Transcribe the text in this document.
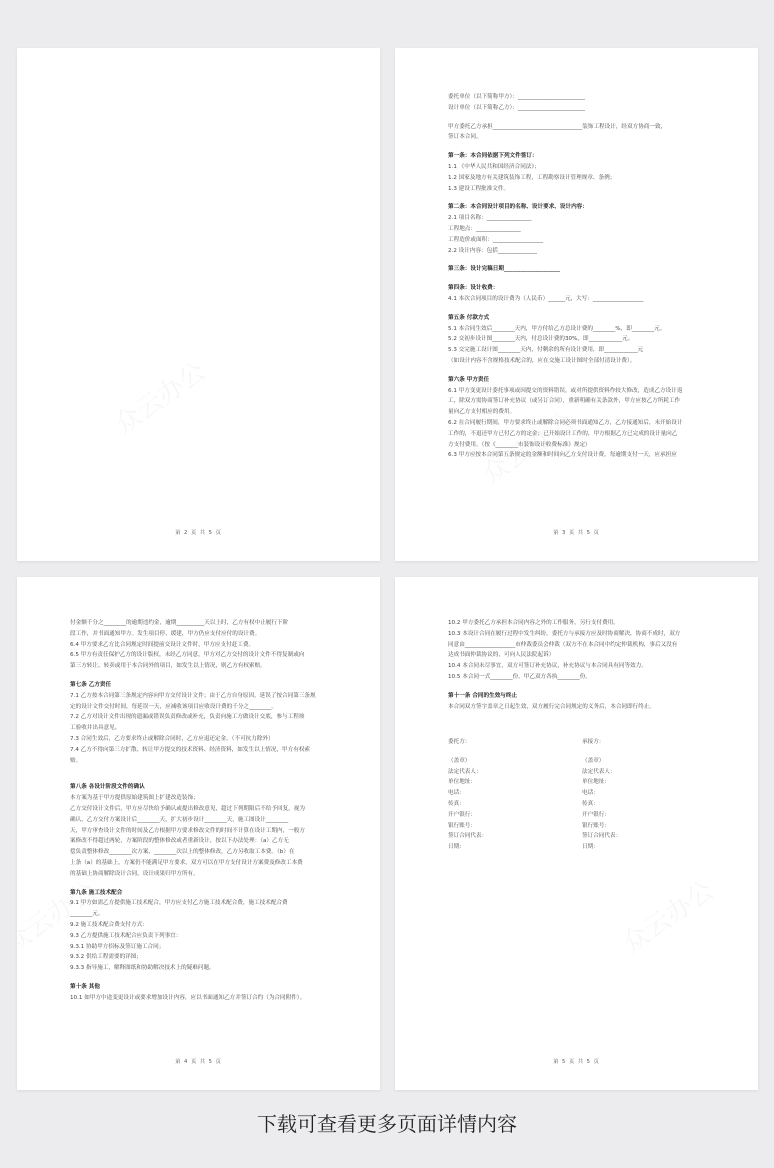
第 2 页 共 5 页
委托单位（以下简称甲方）：________________________
设计单位（以下简称乙方）：________________________
甲方委托乙方承担________________________________装饰工程设计，经双方协商一致，
签订本合同。
第一条：本合同依据下列文件签订：
1.1 《中华人民共和国经济合同法》；
1.2 国家及地方有关建筑装饰工程，工程勘察设计管理规章、条例；
1.3 建设工程批准文件。
第二条：本合同设计项目的名称、设计要求、设计内容：
2.1 项目名称：________________
工程地点：________________
工程造价或面积：__________________
2.2 设计内容：包括______________
第三条：设计完稿日期____________________
第四条：设计收费：
4.1 本次合同项目的设计费为（人民币）______元，大写：__________________
第五条 付款方式
5.1 本合同生效后________天内，甲方付给乙方总设计费的________%，即________元。
5.2 交初步设计图________天内，付总设计费的30%，即____________元。
5.3 交完施工设计图________天内，付剩余的所有设计费用，即____________元
（如设计内容不含规格技术配合的，应在交施工设计图时全部付清设计费）。
第六条 甲方责任
6.1 甲方变更设计委托事项或因提交的资料错误，或对所提供资料作较大修改，造成乙方设计返
工，除双方需协商签订补充协议（或另订合同），重新明确有关条款外，甲方应按乙方所耗工作
量向乙方支付相应的费用。
6.2 在合同履行期间，甲方要求终止或解除合同必须书面通知乙方，乙方接通知后，未开始设计
工作的，不退还甲方已付乙方的定金；已开始设计工作的，甲方根据乙方已完成的设计量向乙
方支付费用。（按《________市装饰设计收费标准》规定）
6.3 甲方应按本合同第五条规定的金额和时间向乙方支付设计费，每逾期支付一天，应承担应
第 3 页 共 5 页
付金额千分之________的逾期违约金，逾期__________天以上时，乙方有权中止履行下阶
段工作，并书面通知甲方。发生项目停、缓建，甲方仍应支付应付的设计费。
6.4 甲方要求乙方比合同规定时间提前交设计文件时，甲方应支付赶工费。
6.5 甲方有责任保护乙方的设计版权，未经乙方同意，甲方对乙方交付的设计文件不得复制或向
第三方转让、转卖或用于本合同外的项目，如发生以上情况，则乙方有权索赔。
第七条 乙方责任
7.1 乙方按本合同第三条规定内容向甲方交付设计文件；由于乙方自身原因，延误了按合同第三条规
定的设计文件交付时间，每延误一天，应减收该项目应收设计费的千分之________。
7.2 乙方对设计文件出现的遗漏或错误负责修改或补充，负责向施工方做设计交底，参与工程竣
工验收并出具意见。
7.3 合同生效后，乙方要求终止或解除合同时，乙方应退还定金。（不可抗力除外）
7.4 乙方不得向第三方扩散、转让甲方提交的技术资料、经济资料，如发生以上情况，甲方有权索
赔。
第八条 各设计阶段文件的确认
本方案为基于甲方提供原始建筑图上扩建改造装饰；
乙方交付设计文件后，甲方应尽快给予确认或提出修改意见，超过下列期限后不给予回复，视为
确认，乙方交付方案设计后________天，扩大初步设计________天，施工图设计________
天，甲方审查设计文件的时间及乙方根据甲方要求修改文件的时间不计算在设计工期内，一般方
案修改不得超过两轮，方案阶段的整体修改或者重新设计，按以下办法处理：（a）乙方无
偿负责整体修改________次方案，________次以上的整体修改，乙方另收取工本费。（b）在
上条（a）的基础上，方案仍不能满足甲方要求，双方可以在甲方支付设计方案费及修改工本费
的基础上协商解除设计合同，设计成果归甲方所有。
第九条 施工技术配合
9.1 甲方如需乙方提供施工技术配合，甲方应支付乙方施工技术配合费，施工技术配合费
________元。
9.2 施工技术配合费支付方式：
9.3 乙方提供施工技术配合应负责下列事宜：
9.3.1 协助甲方招标及签订施工合同；
9.3.2 供给工程需要的详图；
9.3.3 指导施工，解释图纸和协助解决技术上的疑难问题。
第十条 其他
10.1 如甲方中途变更设计或要求增加设计内容，应以书面通知乙方并签订合约（为合同附件）。
第 4 页 共 5 页
10.2 甲方委托乙方承担本合同内容之外的工作服务，另行支付费用。
10.3 本设计合同在履行过程中发生纠纷，委托方与承接方应及时协商解决，协商不成时，双方
同意由__________________市仲裁委员会仲裁（双方不在本合同中约定仲裁机构，事后又没有
达成书面仲裁协议的，可向人民法院起诉）
10.4 本合同未尽事宜，双方可签订补充协议，补充协议与本合同具有同等效力。
10.5 本合同一式________份，甲乙双方各执________份。
第十一条 合同的生效与终止
本合同双方签字盖章之日起生效，双方履行完合同规定的义务后，本合同即行终止。
委托方：
（盖章）
法定代表人：
单位地址：
电话：
传真：
开户银行：
银行账号：
签订合同代表：
日期：
承接方：
（盖章）
法定代表人：
单位地址：
电话：
传真：
开户银行：
银行账号：
签订合同代表：
日期：
第 5 页 共 5 页
下载可查看更多页面详情内容
